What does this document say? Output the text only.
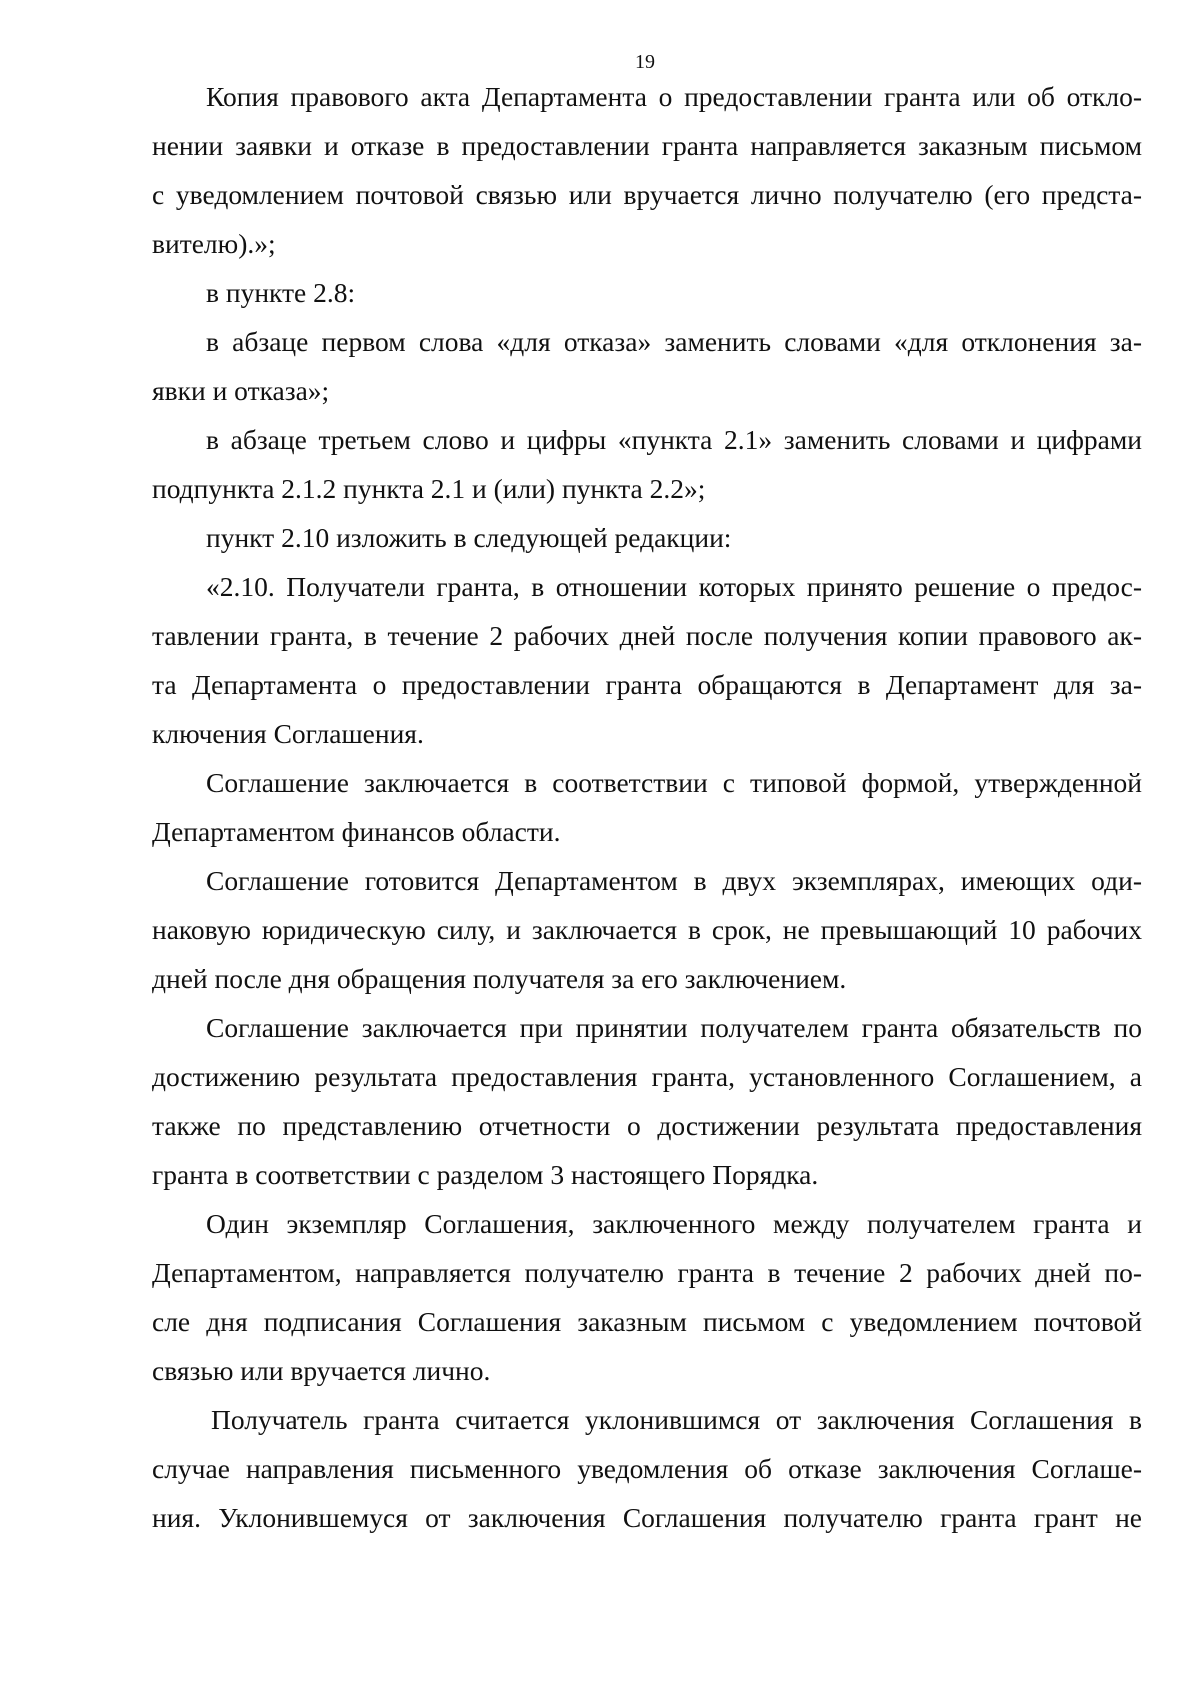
19
Копия правового акта Департамента о предоставлении гранта или об откло-
нении заявки и отказе в предоставлении гранта направляется заказным письмом
с уведомлением почтовой связью или вручается лично получателю (его предста-
вителю).»;
в пункте 2.8:
в абзаце первом слова «для отказа» заменить словами «для отклонения за-
явки и отказа»;
в абзаце третьем слово и цифры «пункта 2.1» заменить словами и цифрами
подпункта 2.1.2 пункта 2.1 и (или) пункта 2.2»;
пункт 2.10 изложить в следующей редакции:
«2.10. Получатели гранта, в отношении которых принято решение о предос-
тавлении гранта, в течение 2 рабочих дней после получения копии правового ак-
та Департамента о предоставлении гранта обращаются в Департамент для за-
ключения Соглашения.
Соглашение заключается в соответствии с типовой формой, утвержденной
Департаментом финансов области.
Соглашение готовится Департаментом в двух экземплярах, имеющих оди-
наковую юридическую силу, и заключается в срок, не превышающий 10 рабочих
дней после дня обращения получателя за его заключением.
Соглашение заключается при принятии получателем гранта обязательств по
достижению результата предоставления гранта, установленного Соглашением, а
также по представлению отчетности о достижении результата предоставления
гранта в соответствии с разделом 3 настоящего Порядка.
Один экземпляр Соглашения, заключенного между получателем гранта и
Департаментом, направляется получателю гранта в течение 2 рабочих дней по-
сле дня подписания Соглашения заказным письмом с уведомлением почтовой
связью или вручается лично.
Получатель гранта считается уклонившимся от заключения Соглашения в
случае направления письменного уведомления об отказе заключения Соглаше-
ния. Уклонившемуся от заключения Соглашения получателю гранта грант не
